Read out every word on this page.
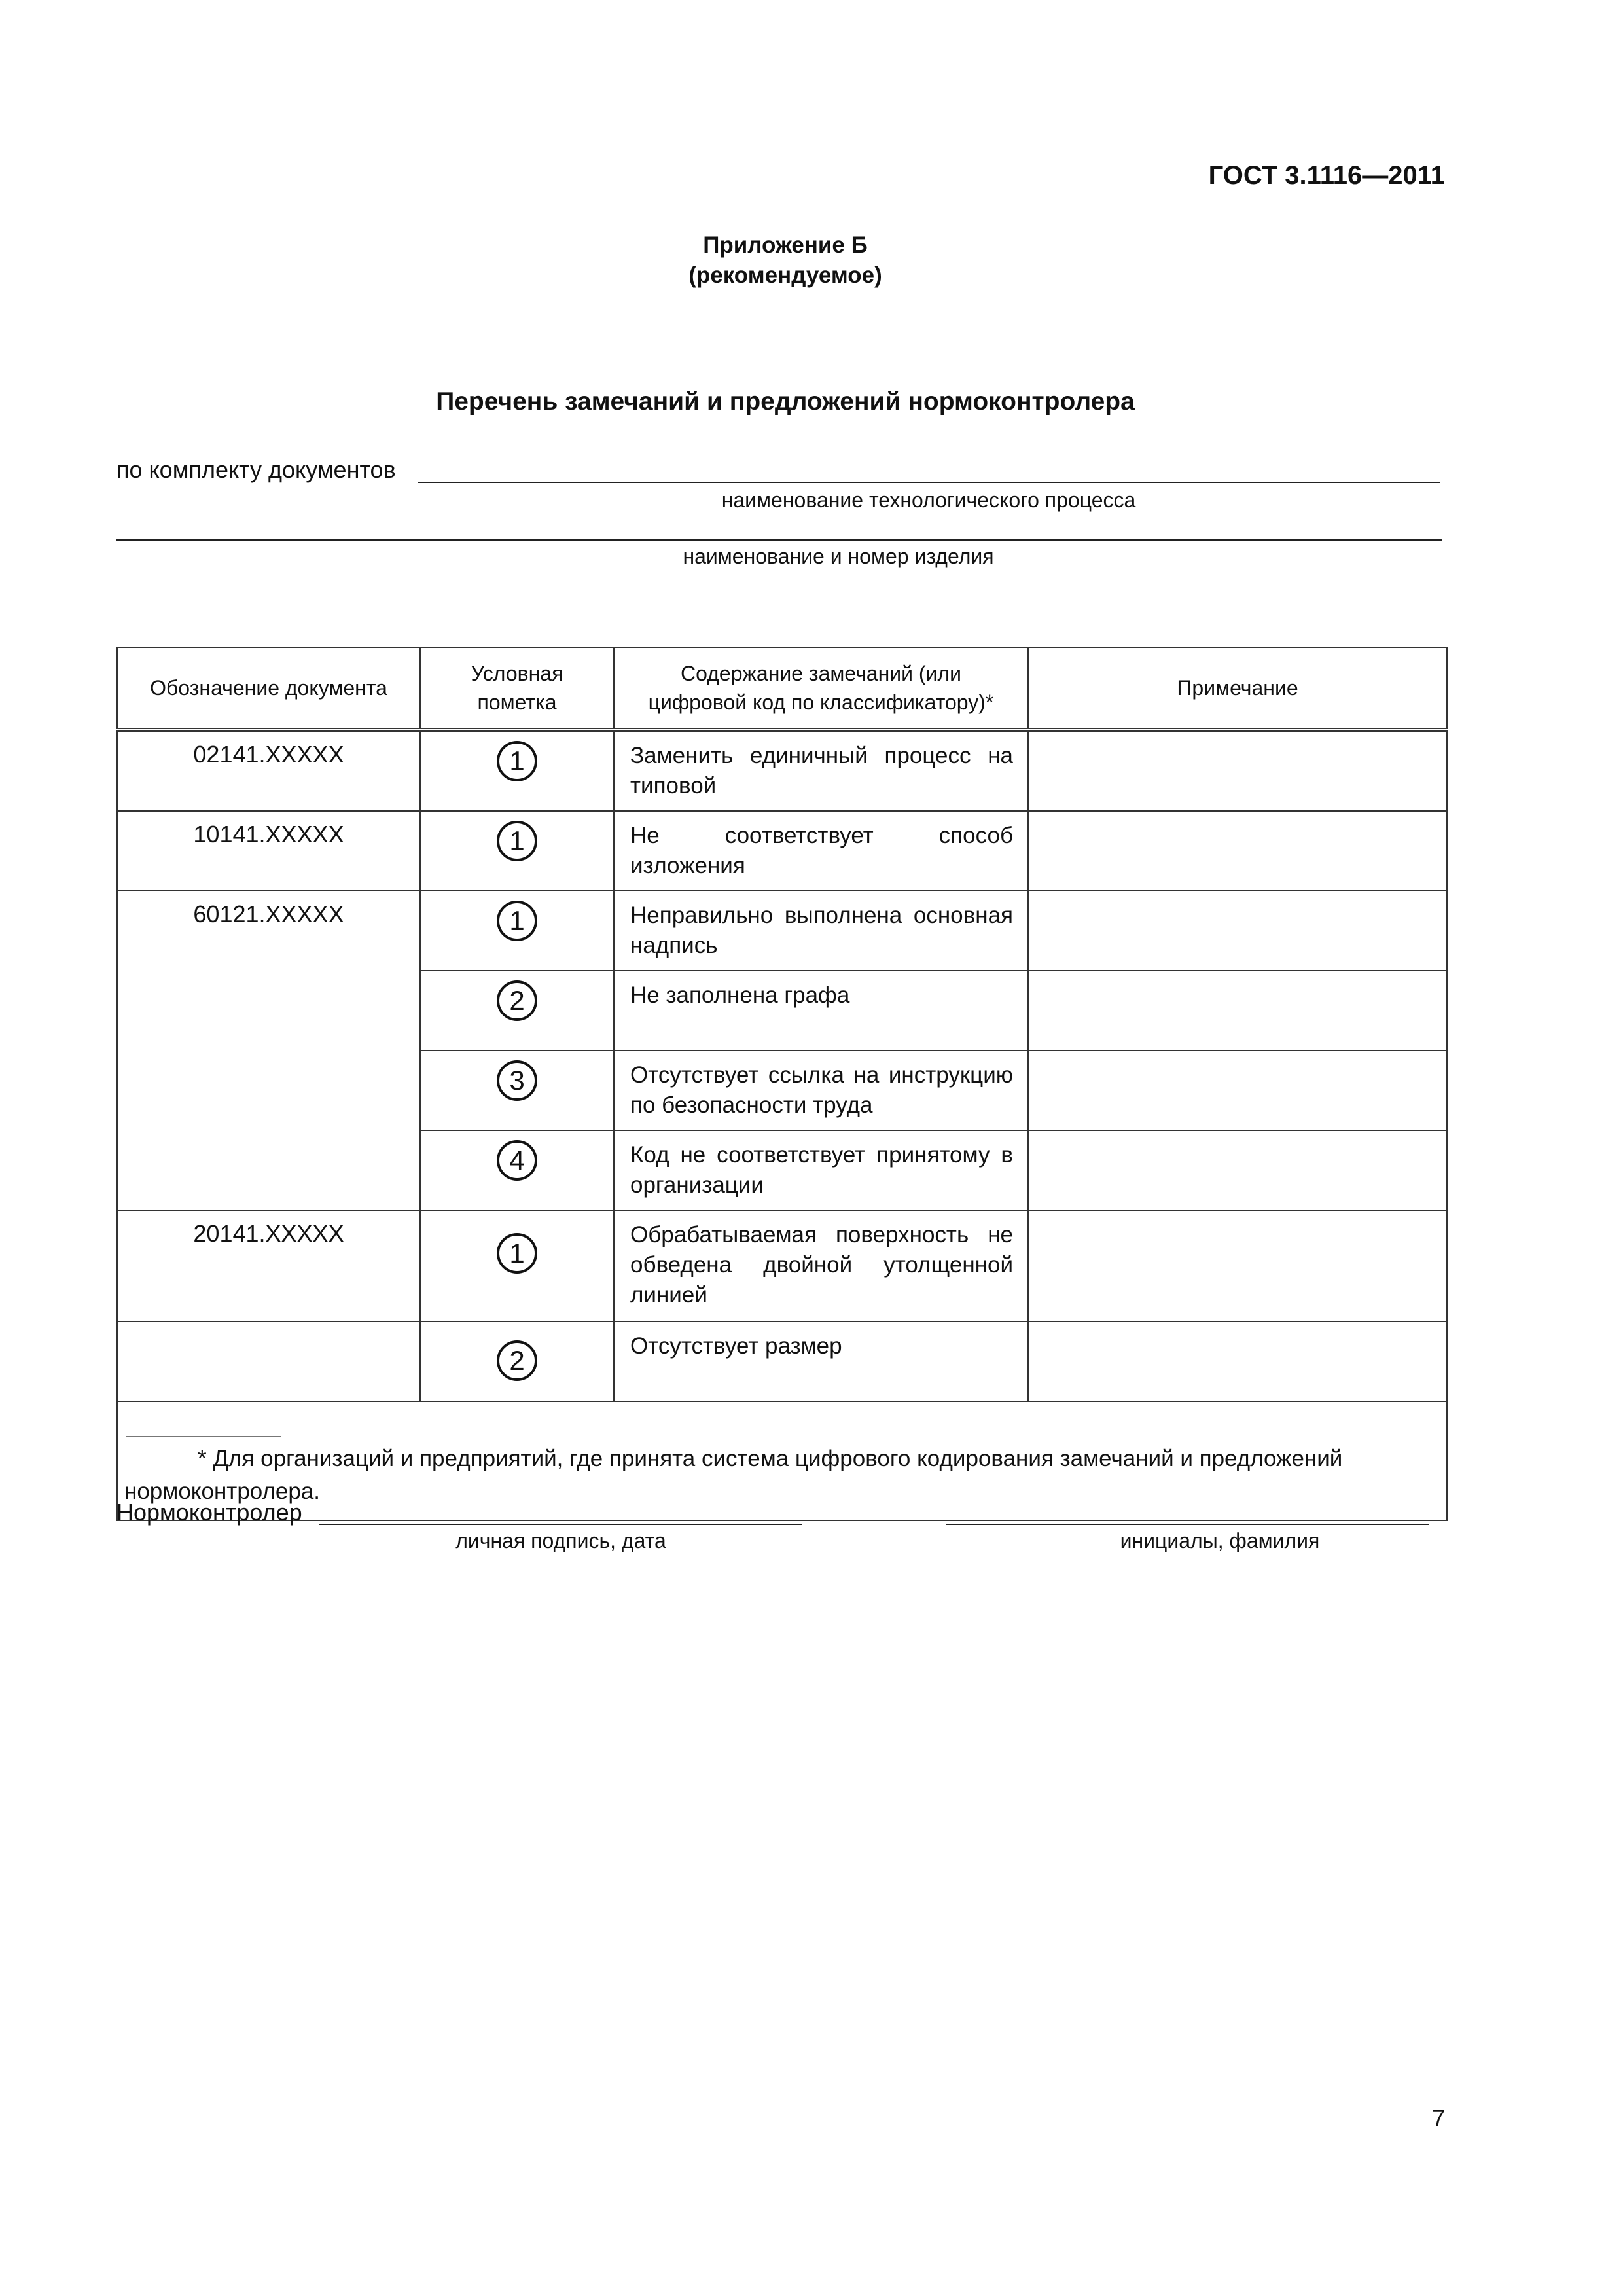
ГОСТ 3.1116—2011
Приложение Б
(рекомендуемое)
Перечень замечаний и предложений нормоконтролера
по комплекту документов
наименование технологического процесса
наименование и номер изделия
Обозначение документа	Условная пометка	Содержание замечаний (или цифровой код по классификатору)*	Примечание
02141.XXXXX	1	Заменить единичный процесс на типовой	
10141.XXXXX	1	Не соответствует способ изложения	
60121.XXXXX	1	Неправильно выполнена основная надпись	
	2	Не заполнена графа	
	3	Отсутствует ссылка на инструкцию по безопасности труда	
	4	Код не соответствует принятому в организации	
20141.XXXXX	1	Обрабатываемая поверхность не обведена двойной утолщенной линией	
	2	Отсутствует размер	

* Для организаций и предприятий, где принята система цифрового кодирования замечаний и предложений нормоконтролера.			
Нормоконтролер
личная подпись, дата	инициалы, фамилия
7
